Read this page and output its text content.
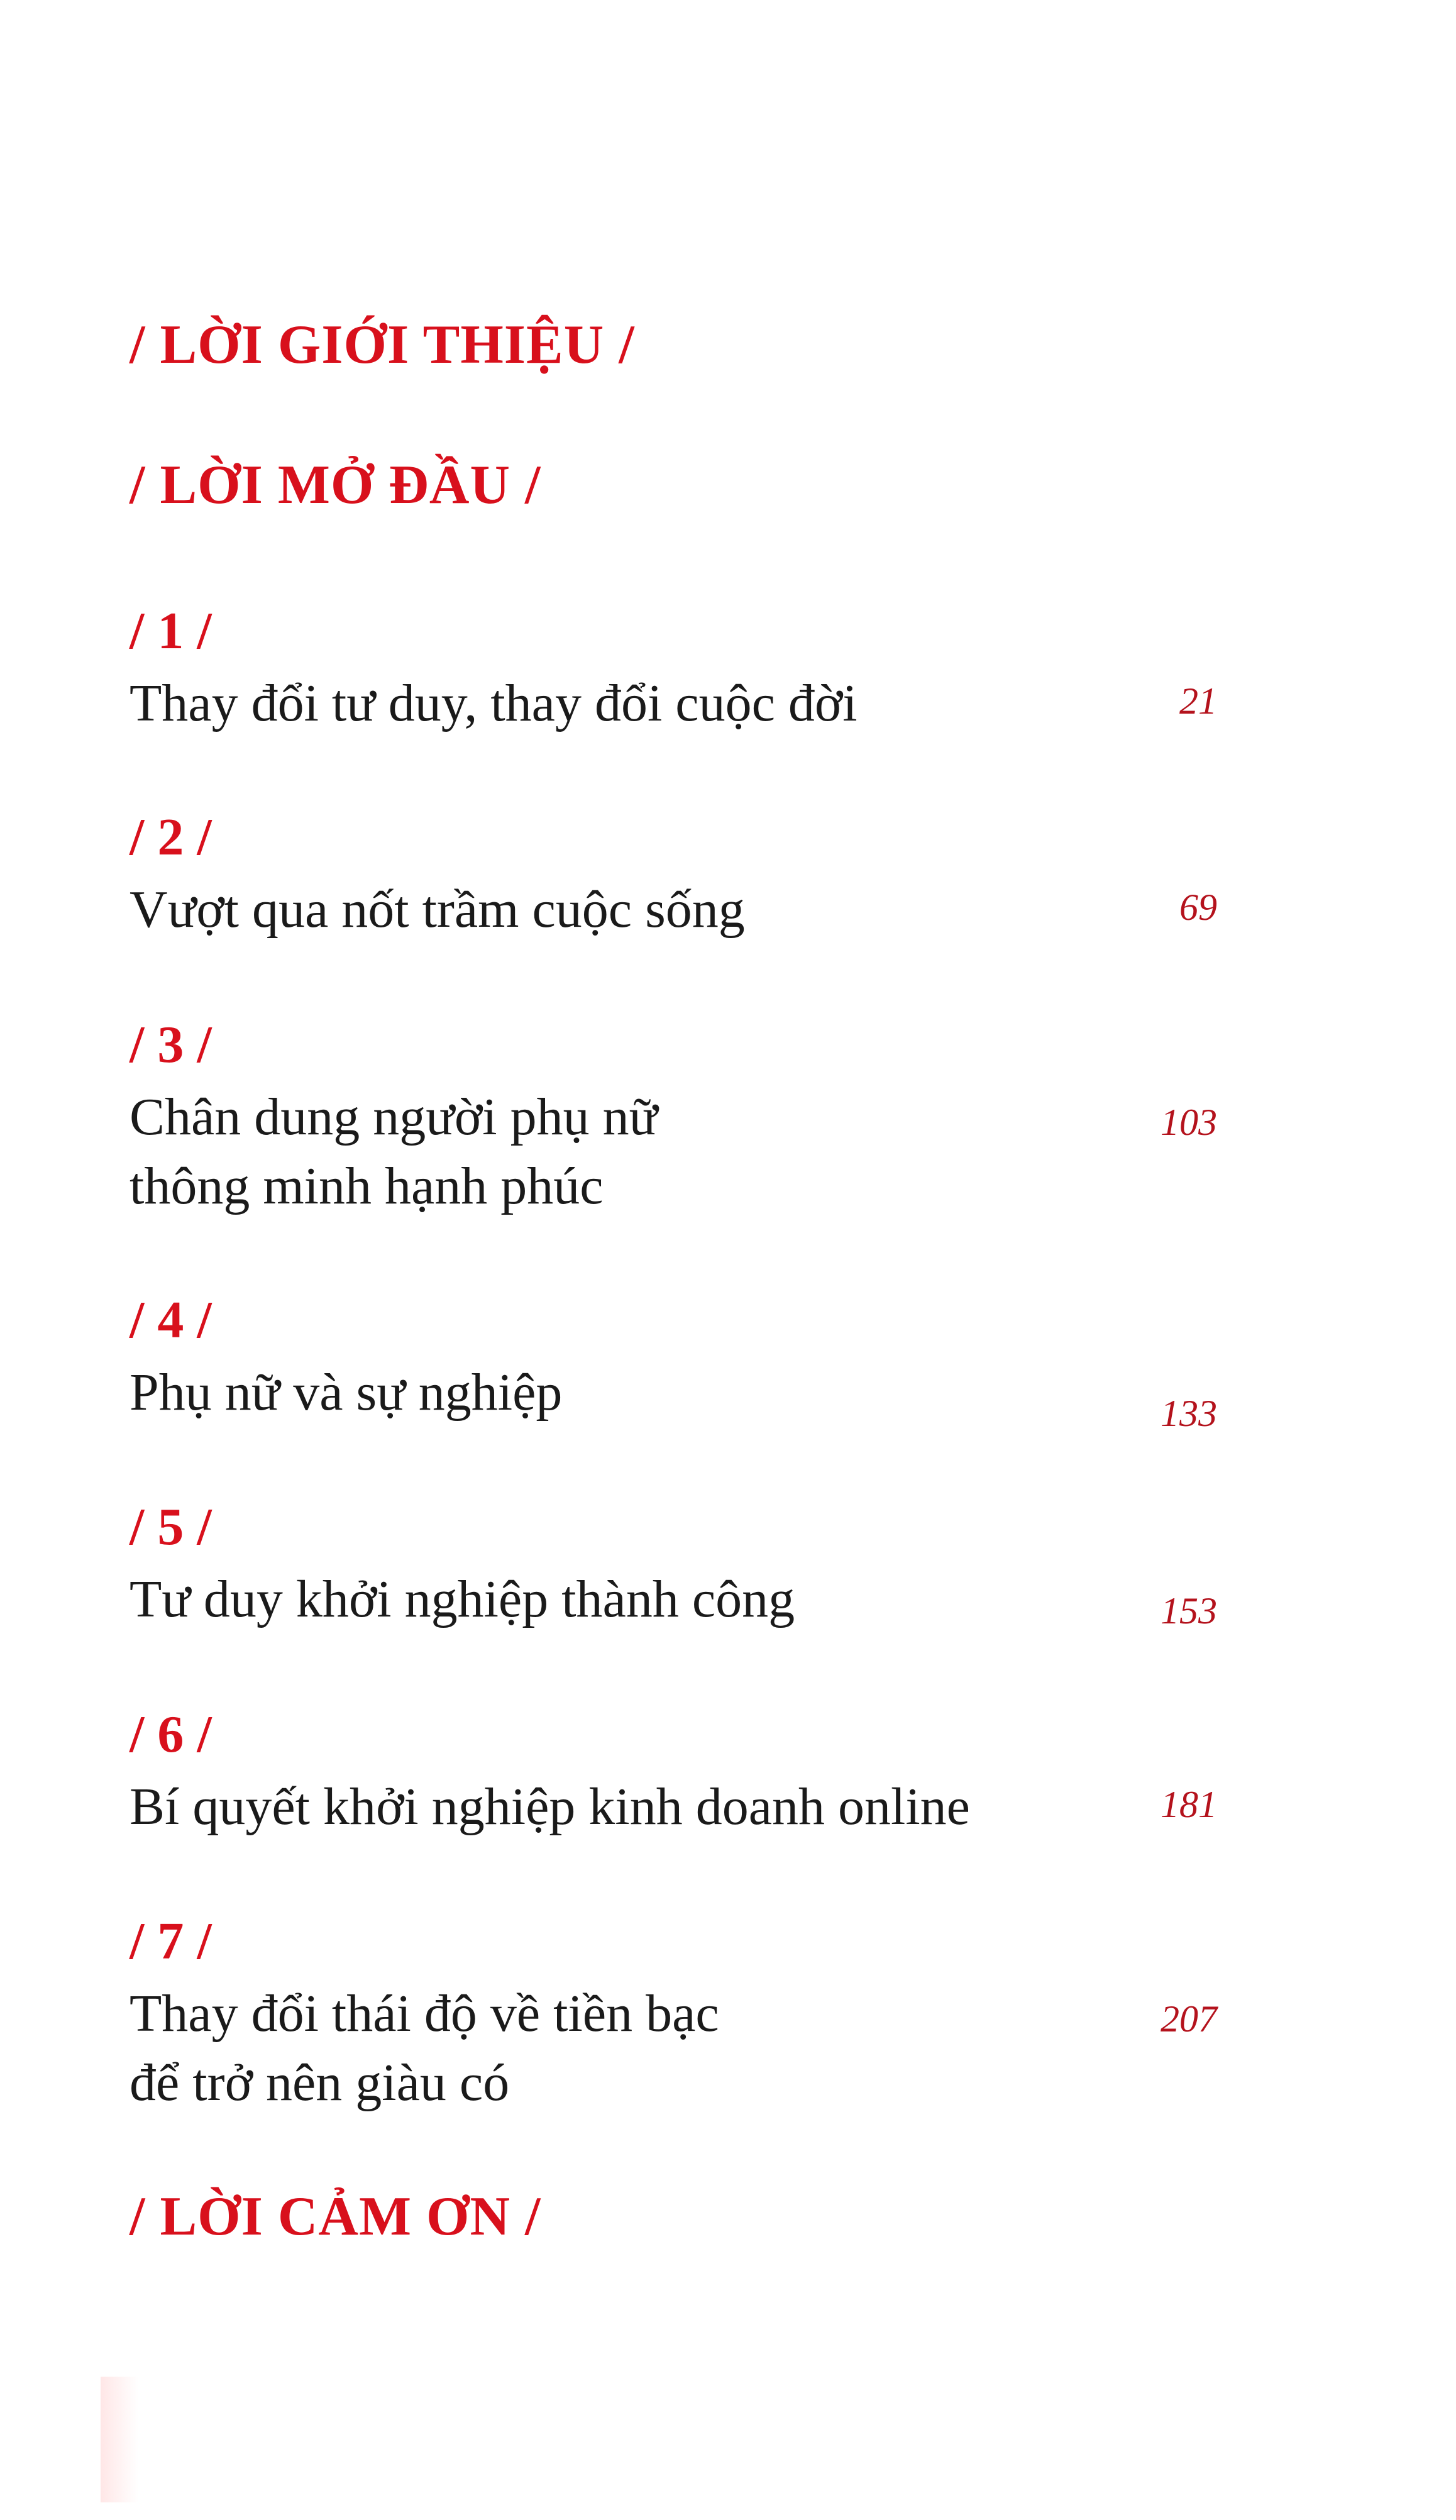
/ LỜI GIỚI THIỆU /
/ LỜI MỞ ĐẦU /
/ 1 /
Thay đổi tư duy, thay đổi cuộc đời	21
/ 2 /
Vượt qua nốt trầm cuộc sống	69
/ 3 /
Chân dung người phụ nữ
thông minh hạnh phúc
103
/ 4 /
Phụ nữ và sự nghiệp	133
/ 5 /
Tư duy khởi nghiệp thành công	153
/ 6 /
Bí quyết khởi nghiệp kinh doanh online	181
/ 7 /
Thay đổi thái độ về tiền bạc
để trở nên giàu có
207
/ LỜI CẢM ƠN /
